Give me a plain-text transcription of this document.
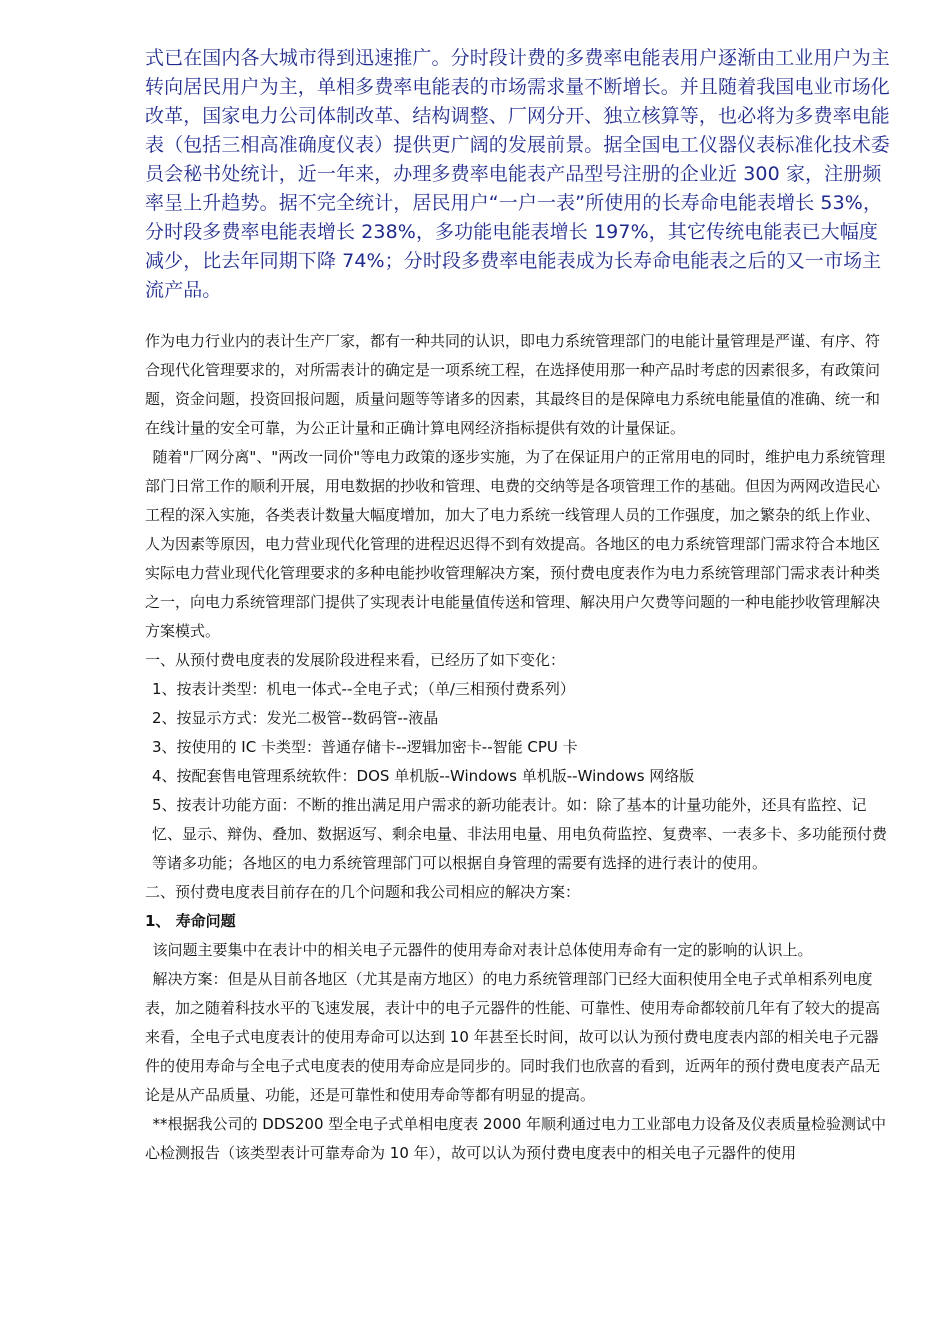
式已在国内各大城市得到迅速推广。分时段计费的多费率电能表用户逐渐由工业用户为主转向居民用户为主，单相多费率电能表的市场需求量不断增长。并且随着我国电业市场化改革，国家电力公司体制改革、结构调整、厂网分开、独立核算等，也必将为多费率电能表（包括三相高准确度仪表）提供更广阔的发展前景。据全国电工仪器仪表标准化技术委员会秘书处统计，近一年来，办理多费率电能表产品型号注册的企业近 300 家，注册频率呈上升趋势。据不完全统计，居民用户“一户一表”所使用的长寿命电能表增长 53%，分时段多费率电能表增长 238%，多功能电能表增长 197%，其它传统电能表已大幅度减少，比去年同期下降 74%；分时段多费率电能表成为长寿命电能表之后的又一市场主流产品。

作为电力行业内的表计生产厂家，都有一种共同的认识，即电力系统管理部门的电能计量管理是严谨、有序、符合现代化管理要求的，对所需表计的确定是一项系统工程，在选择使用那一种产品时考虑的因素很多，有政策问题，资金问题，投资回报问题，质量问题等等诸多的因素，其最终目的是保障电力系统电能量值的准确、统一和在线计量的安全可靠，为公正计量和正确计算电网经济指标提供有效的计量保证。

随着"厂网分离"、"两改一同价"等电力政策的逐步实施，为了在保证用户的正常用电的同时，维护电力系统管理部门日常工作的顺利开展，用电数据的抄收和管理、电费的交纳等是各项管理工作的基础。但因为两网改造民心工程的深入实施，各类表计数量大幅度增加，加大了电力系统一线管理人员的工作强度，加之繁杂的纸上作业、人为因素等原因，电力营业现代化管理的进程迟迟得不到有效提高。各地区的电力系统管理部门需求符合本地区实际电力营业现代化管理要求的多种电能抄收管理解决方案，预付费电度表作为电力系统管理部门需求表计种类之一，向电力系统管理部门提供了实现表计电能量值传送和管理、解决用户欠费等问题的一种电能抄收管理解决方案模式。

一、从预付费电度表的发展阶段进程来看，已经历了如下变化：

1、按表计类型：机电一体式--全电子式；（单/三相预付费系列）

2、按显示方式：发光二极管--数码管--液晶

3、按使用的 IC 卡类型：普通存储卡--逻辑加密卡--智能 CPU 卡

4、按配套售电管理系统软件：DOS 单机版--Windows 单机版--Windows 网络版

5、按表计功能方面：不断的推出满足用户需求的新功能表计。如：除了基本的计量功能外，还具有监控、记忆、显示、辩伪、叠加、数据返写、剩余电量、非法用电量、用电负荷监控、复费率、一表多卡、多功能预付费等诸多功能；各地区的电力系统管理部门可以根据自身管理的需要有选择的进行表计的使用。

二、预付费电度表目前存在的几个问题和我公司相应的解决方案：

1、 寿命问题

该问题主要集中在表计中的相关电子元器件的使用寿命对表计总体使用寿命有一定的影响的认识上。

解决方案：但是从目前各地区（尤其是南方地区）的电力系统管理部门已经大面积使用全电子式单相系列电度表，加之随着科技水平的飞速发展，表计中的电子元器件的性能、可靠性、使用寿命都较前几年有了较大的提高来看，全电子式电度表计的使用寿命可以达到 10 年甚至长时间，故可以认为预付费电度表内部的相关电子元器件的使用寿命与全电子式电度表的使用寿命应是同步的。同时我们也欣喜的看到，近两年的预付费电度表产品无论是从产品质量、功能，还是可靠性和使用寿命等都有明显的提高。

**根据我公司的 DDS200 型全电子式单相电度表 2000 年顺利通过电力工业部电力设备及仪表质量检验测试中心检测报告（该类型表计可靠寿命为 10 年），故可以认为预付费电度表中的相关电子元器件的使用
